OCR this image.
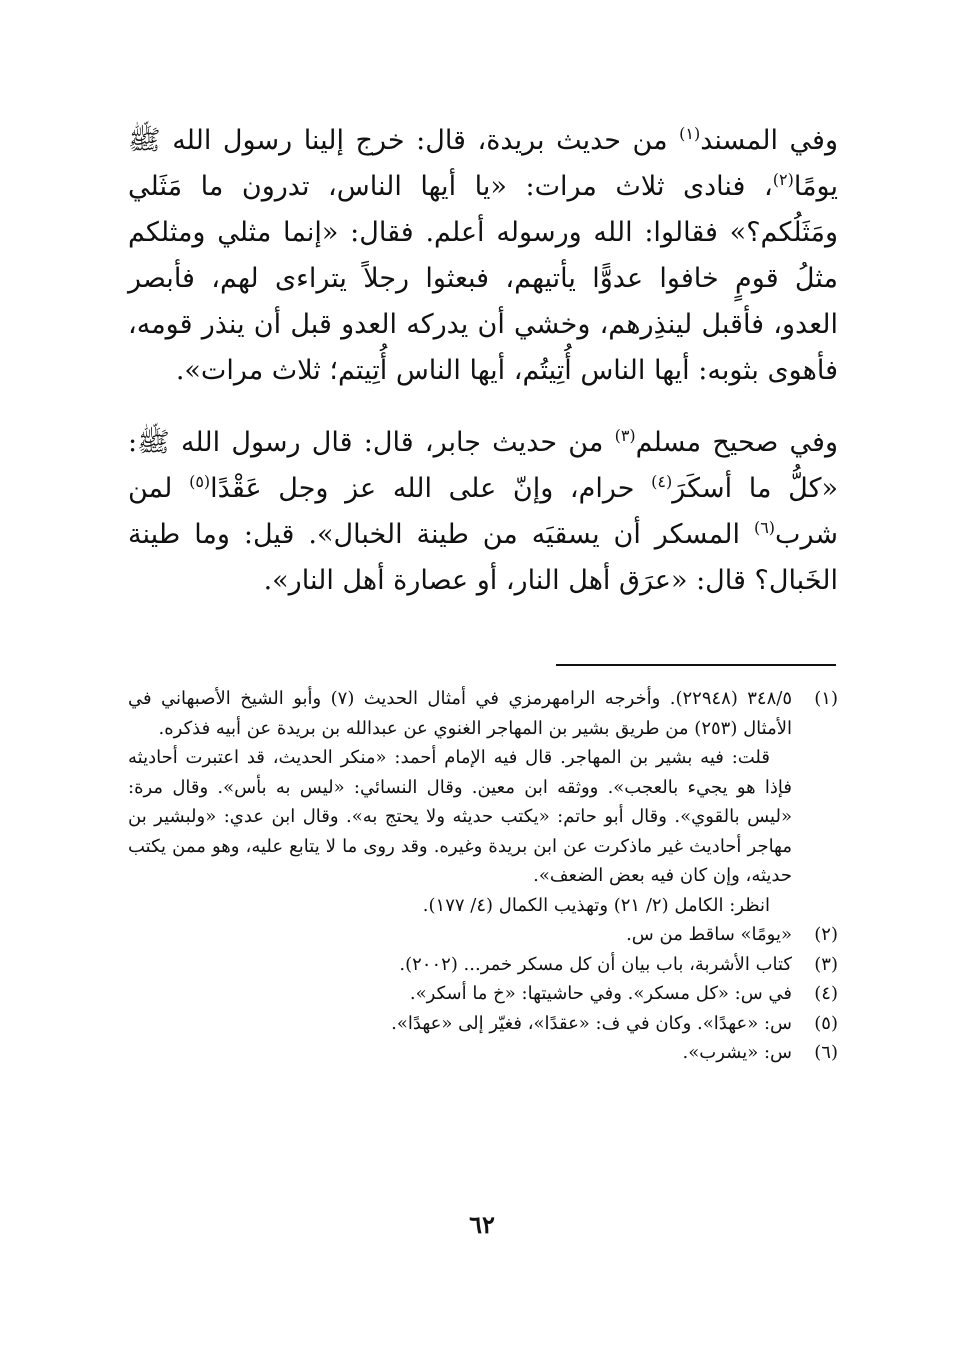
وفي المسند$^{(١)}$ من حديث بريدة، قال: خرج إلينا رسول الله ﷺ يومًا$^{(٢)}$، فنادى ثلاث مرات: «يا أيها الناس، تدرون ما مَثَلي ومَثَلُكم؟» فقالوا: الله ورسوله أعلم. فقال: «إنما مثلي ومثلكم مثلُ قومٍ خافوا عدوًّا يأتيهم، فبعثوا رجلاً يتراءى لهم، فأبصر العدو، فأقبل لينذِرهم، وخشي أن يدركه العدو قبل أن ينذر قومه، فأهوى بثوبه: أيها الناس أُتِيتُم، أيها الناس أُتِيتم؛ ثلاث مرات».

وفي صحيح مسلم$^{(٣)}$ من حديث جابر، قال: قال رسول الله ﷺ: «كلُّ ما أسكَرَ$^{(٤)}$ حرام، وإنّ على الله عز وجل عَقْدًا$^{(٥)}$ لمن شرب$^{(٦)}$ المسكر أن يسقيَه من طينة الخبال». قيل: وما طينة الخَبال؟ قال: «عرَق أهل النار، أو عصارة أهل النار».

(١)
٣٤٨/٥ (٢٢٩٤٨). وأخرجه الرامهرمزي في أمثال الحديث (٧) وأبو الشيخ الأصبهاني في الأمثال (٢٥٣) من طريق بشير بن المهاجر الغنوي عن عبدالله بن بريدة عن أبيه فذكره.
قلت: فيه بشير بن المهاجر. قال فيه الإمام أحمد: «منكر الحديث، قد اعتبرت أحاديثه فإذا هو يجيء بالعجب». ووثقه ابن معين. وقال النسائي: «ليس به بأس». وقال مرة: «ليس بالقوي». وقال أبو حاتم: «يكتب حديثه ولا يحتج به». وقال ابن عدي: «ولبشير بن مهاجر أحاديث غير ماذكرت عن ابن بريدة وغيره. وقد روى ما لا يتابع عليه، وهو ممن يكتب حديثه، وإن كان فيه بعض الضعف».
انظر: الكامل (٢/ ٢١) وتهذيب الكمال (٤/ ١٧٧).
(٢)
«يومًا» ساقط من س.
(٣)
كتاب الأشربة، باب بيان أن كل مسكر خمر... (٢٠٠٢).
(٤)
في س: «كل مسكر». وفي حاشيتها: «خ ما أسكر».
(٥)
س: «عهدًا». وكان في ف: «عقدًا»، فغيّر إلى «عهدًا».
(٦)
س: «يشرب».
٦٢
